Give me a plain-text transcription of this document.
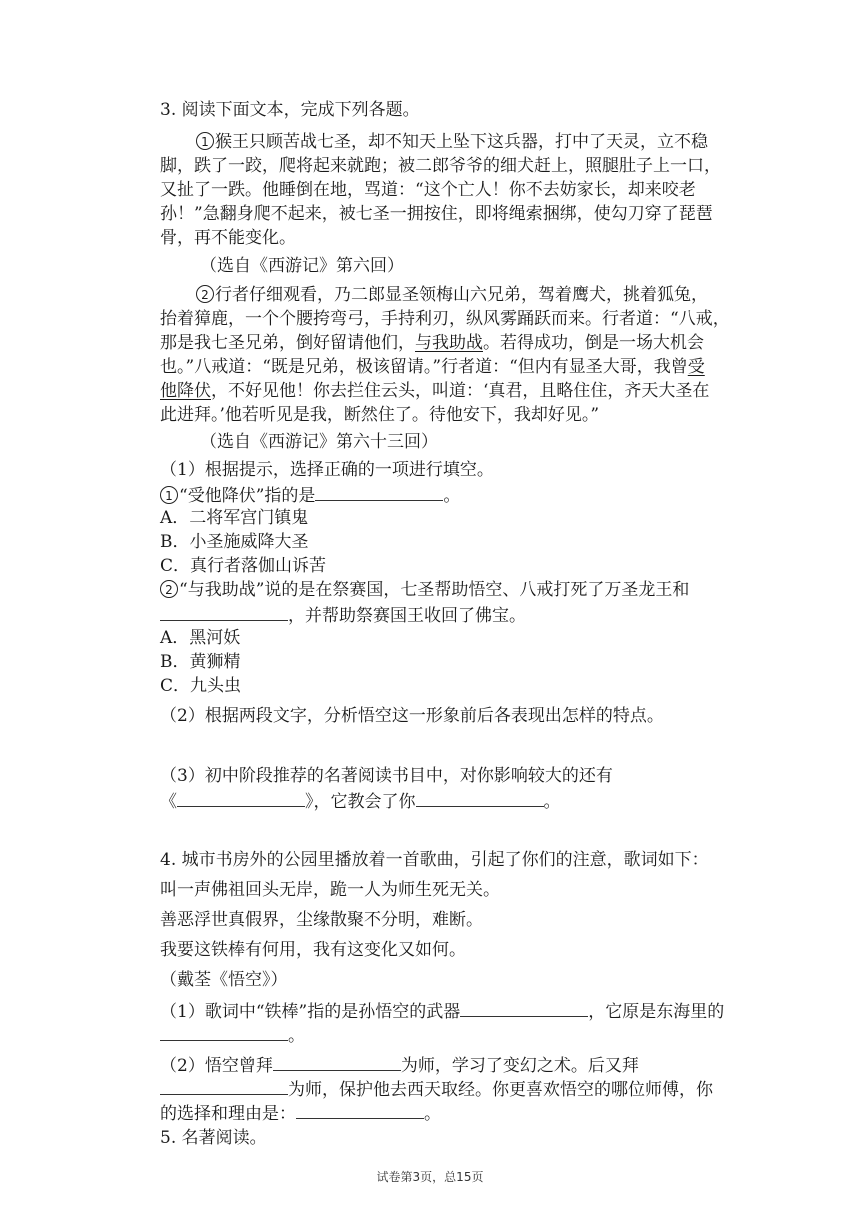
3. 阅读下面文本，完成下列各题。
1 猴王只顾苦战七圣，却不知天上坠下这兵器，打中了天灵，立不稳
脚，跌了一跤，爬将起来就跑；被二郎爷爷的细犬赶上，照腿肚子上一口，
又扯了一跌。他睡倒在地，骂道：“这个亡人！你不去妨家长，却来咬老
孙！”急翻身爬不起来，被七圣一拥按住，即将绳索捆绑，使勾刀穿了琵琶
骨，再不能变化。
（选自《西游记》第六回）
2 行者仔细观看，乃二郎显圣领梅山六兄弟，驾着鹰犬，挑着狐兔，
抬着獐鹿，一个个腰挎弯弓，手持利刃，纵风雾踊跃而来。行者道：“八戒，
那是我七圣兄弟，倒好留请他们，与我助战。若得成功，倒是一场大机会
也。”八戒道：“既是兄弟，极该留请。”行者道：“但内有显圣大哥，我曾受
他降伏，不好见他！你去拦住云头，叫道：‘真君，且略住住，齐天大圣在
此进拜。’他若听见是我，断然住了。待他安下，我却好见。”
（选自《西游记》第六十三回）
（1）根据提示，选择正确的一项进行填空。
1 “受他降伏”指的是	。
A．二将军宫门镇鬼
B．小圣施威降大圣
C．真行者落伽山诉苦
2 “与我助战”说的是在祭赛国，七圣帮助悟空、八戒打死了万圣龙王和
，并帮助祭赛国王收回了佛宝。
A．黑河妖
B．黄狮精
C．九头虫
（2）根据两段文字，分析悟空这一形象前后各表现出怎样的特点。
（3）初中阶段推荐的名著阅读书目中，对你影响较大的还有
《	》，它教会了你	。
4. 城市书房外的公园里播放着一首歌曲，引起了你们的注意，歌词如下：
叫一声佛祖回头无岸，跪一人为师生死无关。
善恶浮世真假界，尘缘散聚不分明，难断。
我要这铁棒有何用，我有这变化又如何。
（戴荃《悟空》）
（1）歌词中“铁棒”指的是孙悟空的武器	，它原是东海里的
。
（2）悟空曾拜	为师，学习了变幻之术。后又拜
为师，保护他去西天取经。你更喜欢悟空的哪位师傅，你
的选择和理由是：	。
5. 名著阅读。
试卷第3页，总15页
